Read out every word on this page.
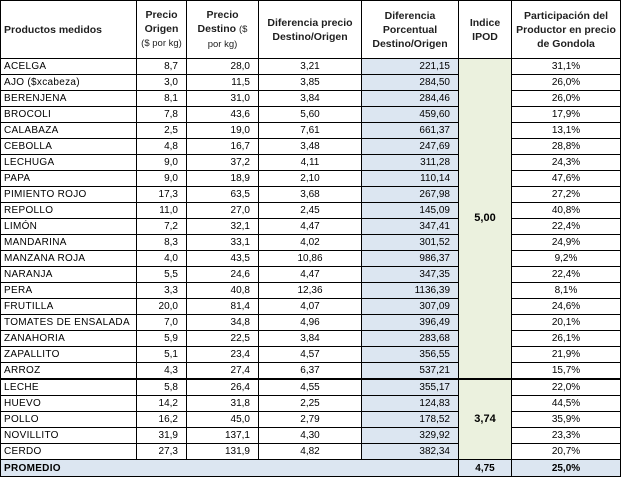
Productos medidos	Precio Origen ($ por kg)	Precio Destino ($ por kg)	Diferencia precio Destino/Origen	Diferencia Porcentual Destino/Origen	Indice IPOD	Participación del Productor en precio de Gondola
ACELGA	8,7	28,0	3,21	221,15	5,00	31,1%
AJO ($xcabeza)	3,0	11,5	3,85	284,50		26,0%
BERENJENA	8,1	31,0	3,84	284,46		26,0%
BROCOLI	7,8	43,6	5,60	459,60		17,9%
CALABAZA	2,5	19,0	7,61	661,37		13,1%
CEBOLLA	4,8	16,7	3,48	247,69		28,8%
LECHUGA	9,0	37,2	4,11	311,28		24,3%
PAPA	9,0	18,9	2,10	110,14		47,6%
PIMIENTO ROJO	17,3	63,5	3,68	267,98		27,2%
REPOLLO	11,0	27,0	2,45	145,09		40,8%
LIMÓN	7,2	32,1	4,47	347,41		22,4%
MANDARINA	8,3	33,1	4,02	301,52		24,9%
MANZANA ROJA	4,0	43,5	10,86	986,37		9,2%
NARANJA	5,5	24,6	4,47	347,35		22,4%
PERA	3,3	40,8	12,36	1136,39		8,1%
FRUTILLA	20,0	81,4	4,07	307,09		24,6%
TOMATES DE ENSALADA	7,0	34,8	4,96	396,49		20,1%
ZANAHORIA	5,9	22,5	3,84	283,68		26,1%
ZAPALLITO	5,1	23,4	4,57	356,55		21,9%
ARROZ	4,3	27,4	6,37	537,21		15,7%
LECHE	5,8	26,4	4,55	355,17	3,74	22,0%
HUEVO	14,2	31,8	2,25	124,83		44,5%
POLLO	16,2	45,0	2,79	178,52		35,9%
NOVILLITO	31,9	137,1	4,30	329,92		23,3%
CERDO	27,3	131,9	4,82	382,34		20,7%
PROMEDIO					4,75	25,0%
